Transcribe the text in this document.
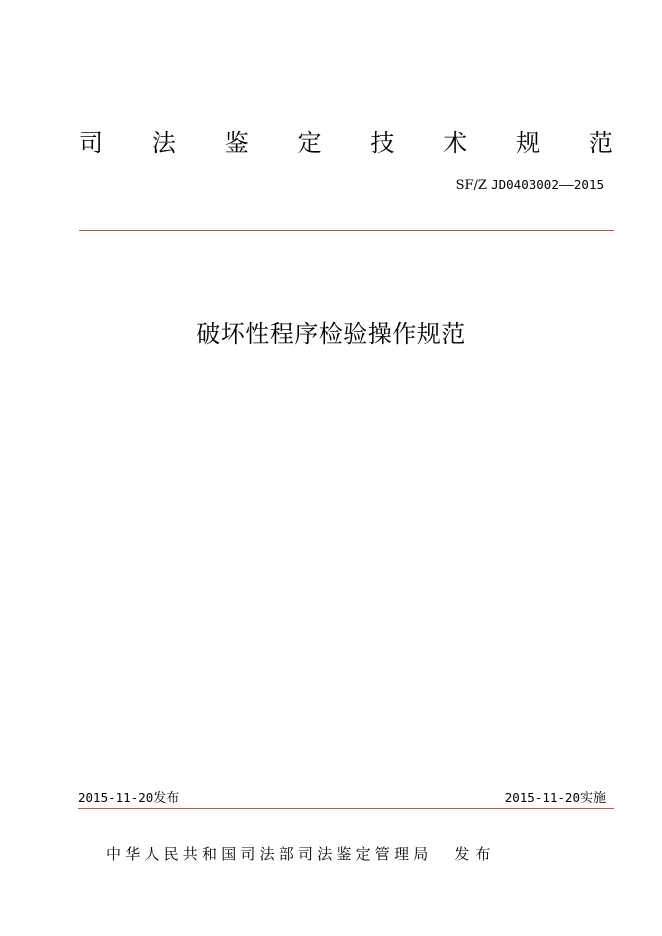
司 法 鉴 定 技 术 规 范
SF/Z JD0403002——2015
破坏性程序检验操作规范
2015-11-20发布	2015-11-20实施
中华人民共和国司法部司法鉴定管理局 发布
